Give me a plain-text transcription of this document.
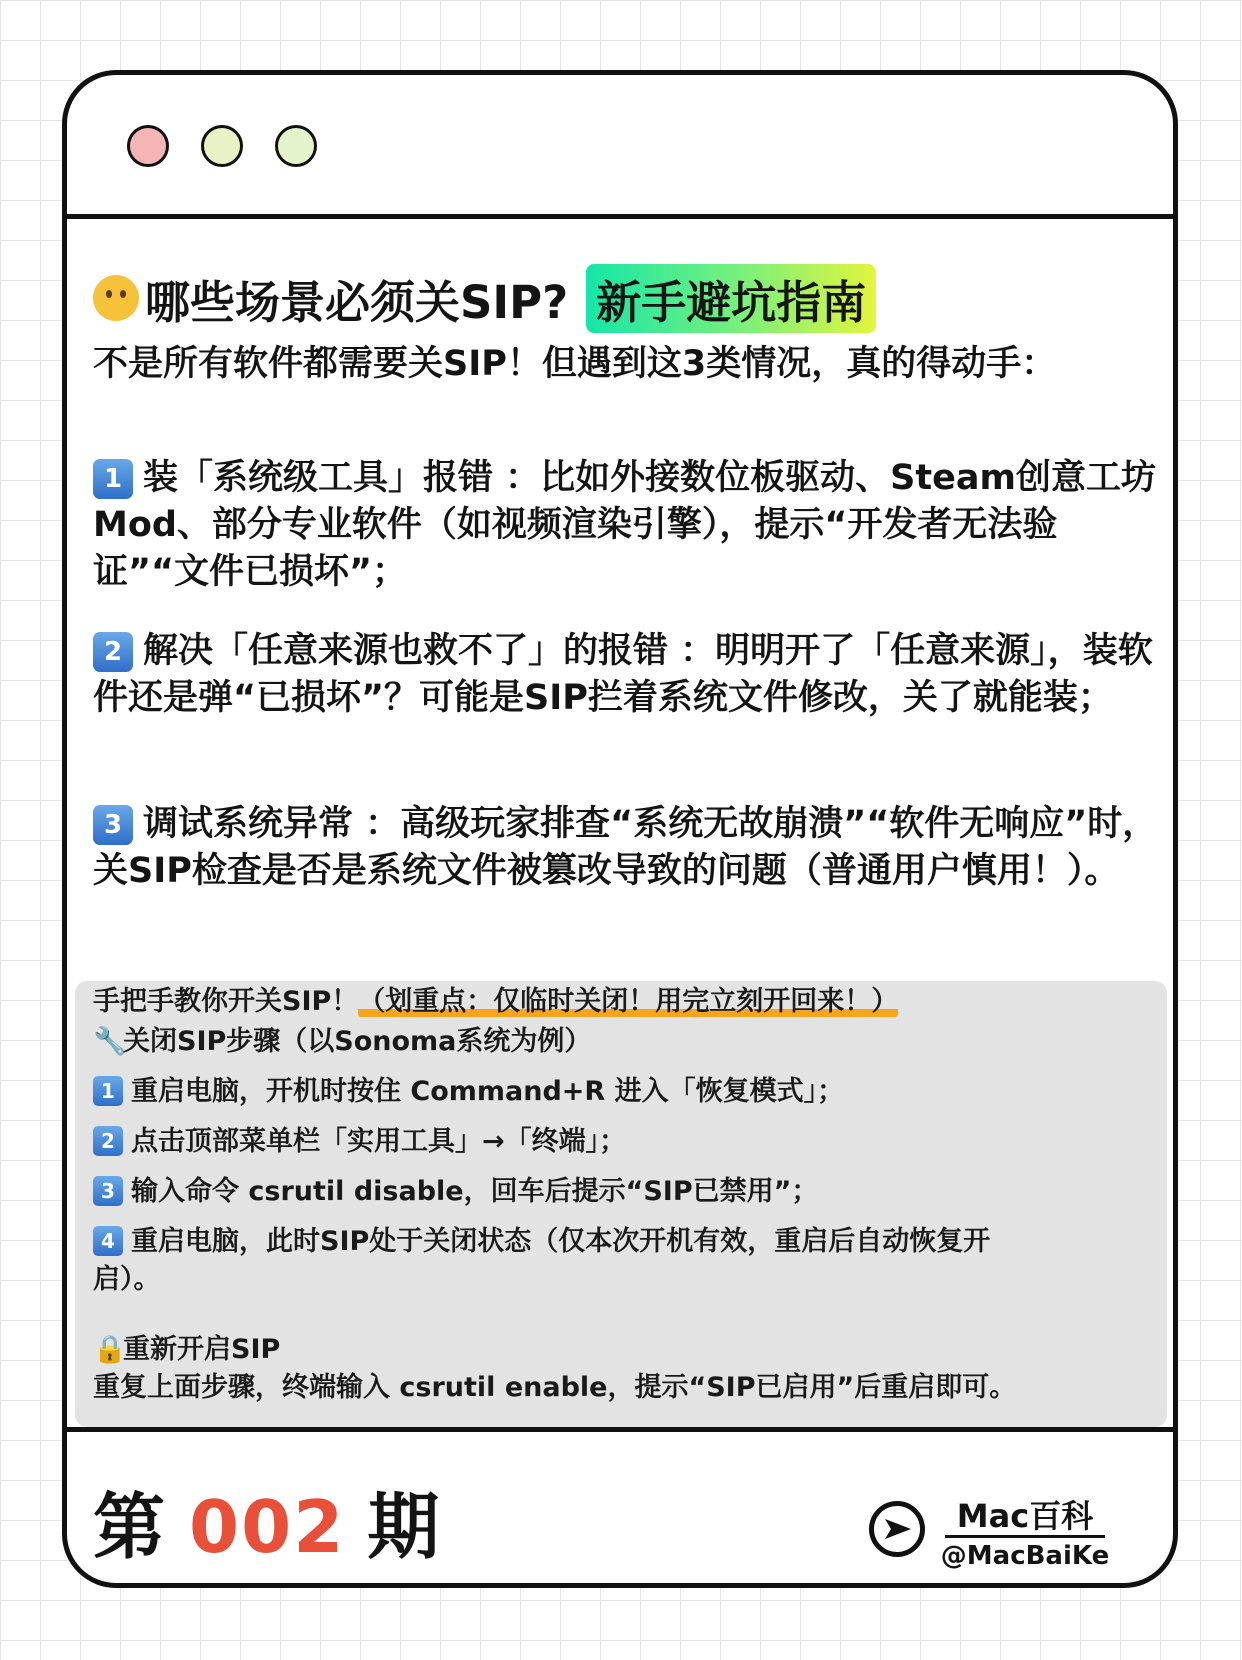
哪些场景必须关SIP? 新手避坑指南
不是所有软件都需要关SIP！但遇到这3类情况，真的得动手：
1 装「系统级工具」报错 ：比如外接数位板驱动、Steam创意工坊Mod、部分专业软件（如视频渲染引擎），提示“开发者无法验证”“文件已损坏”；
2 解决「任意来源也救不了」的报错 ：明明开了「任意来源」，装软件还是弹“已损坏”？可能是SIP拦着系统文件修改，关了就能装；
3 调试系统异常 ：高级玩家排查“系统无故崩溃”“软件无响应”时，关SIP检查是否是系统文件被篡改导致的问题（普通用户慎用！）。
手把手教你开关SIP！（划重点：仅临时关闭！用完立刻开回来！）
🔧关闭SIP步骤（以Sonoma系统为例）
1 重启电脑，开机时按住 Command+R 进入「恢复模式」；
2 点击顶部菜单栏「实用工具」→「终端」；
3 输入命令 csrutil disable，回车后提示“SIP已禁用”；
4 重启电脑，此时SIP处于关闭状态（仅本次开机有效，重启后自动恢复开启）。
🔒重新开启SIP
重复上面步骤，终端输入 csrutil enable，提示“SIP已启用”后重启即可。
第 002 期	Mac百科
@MacBaiKe
